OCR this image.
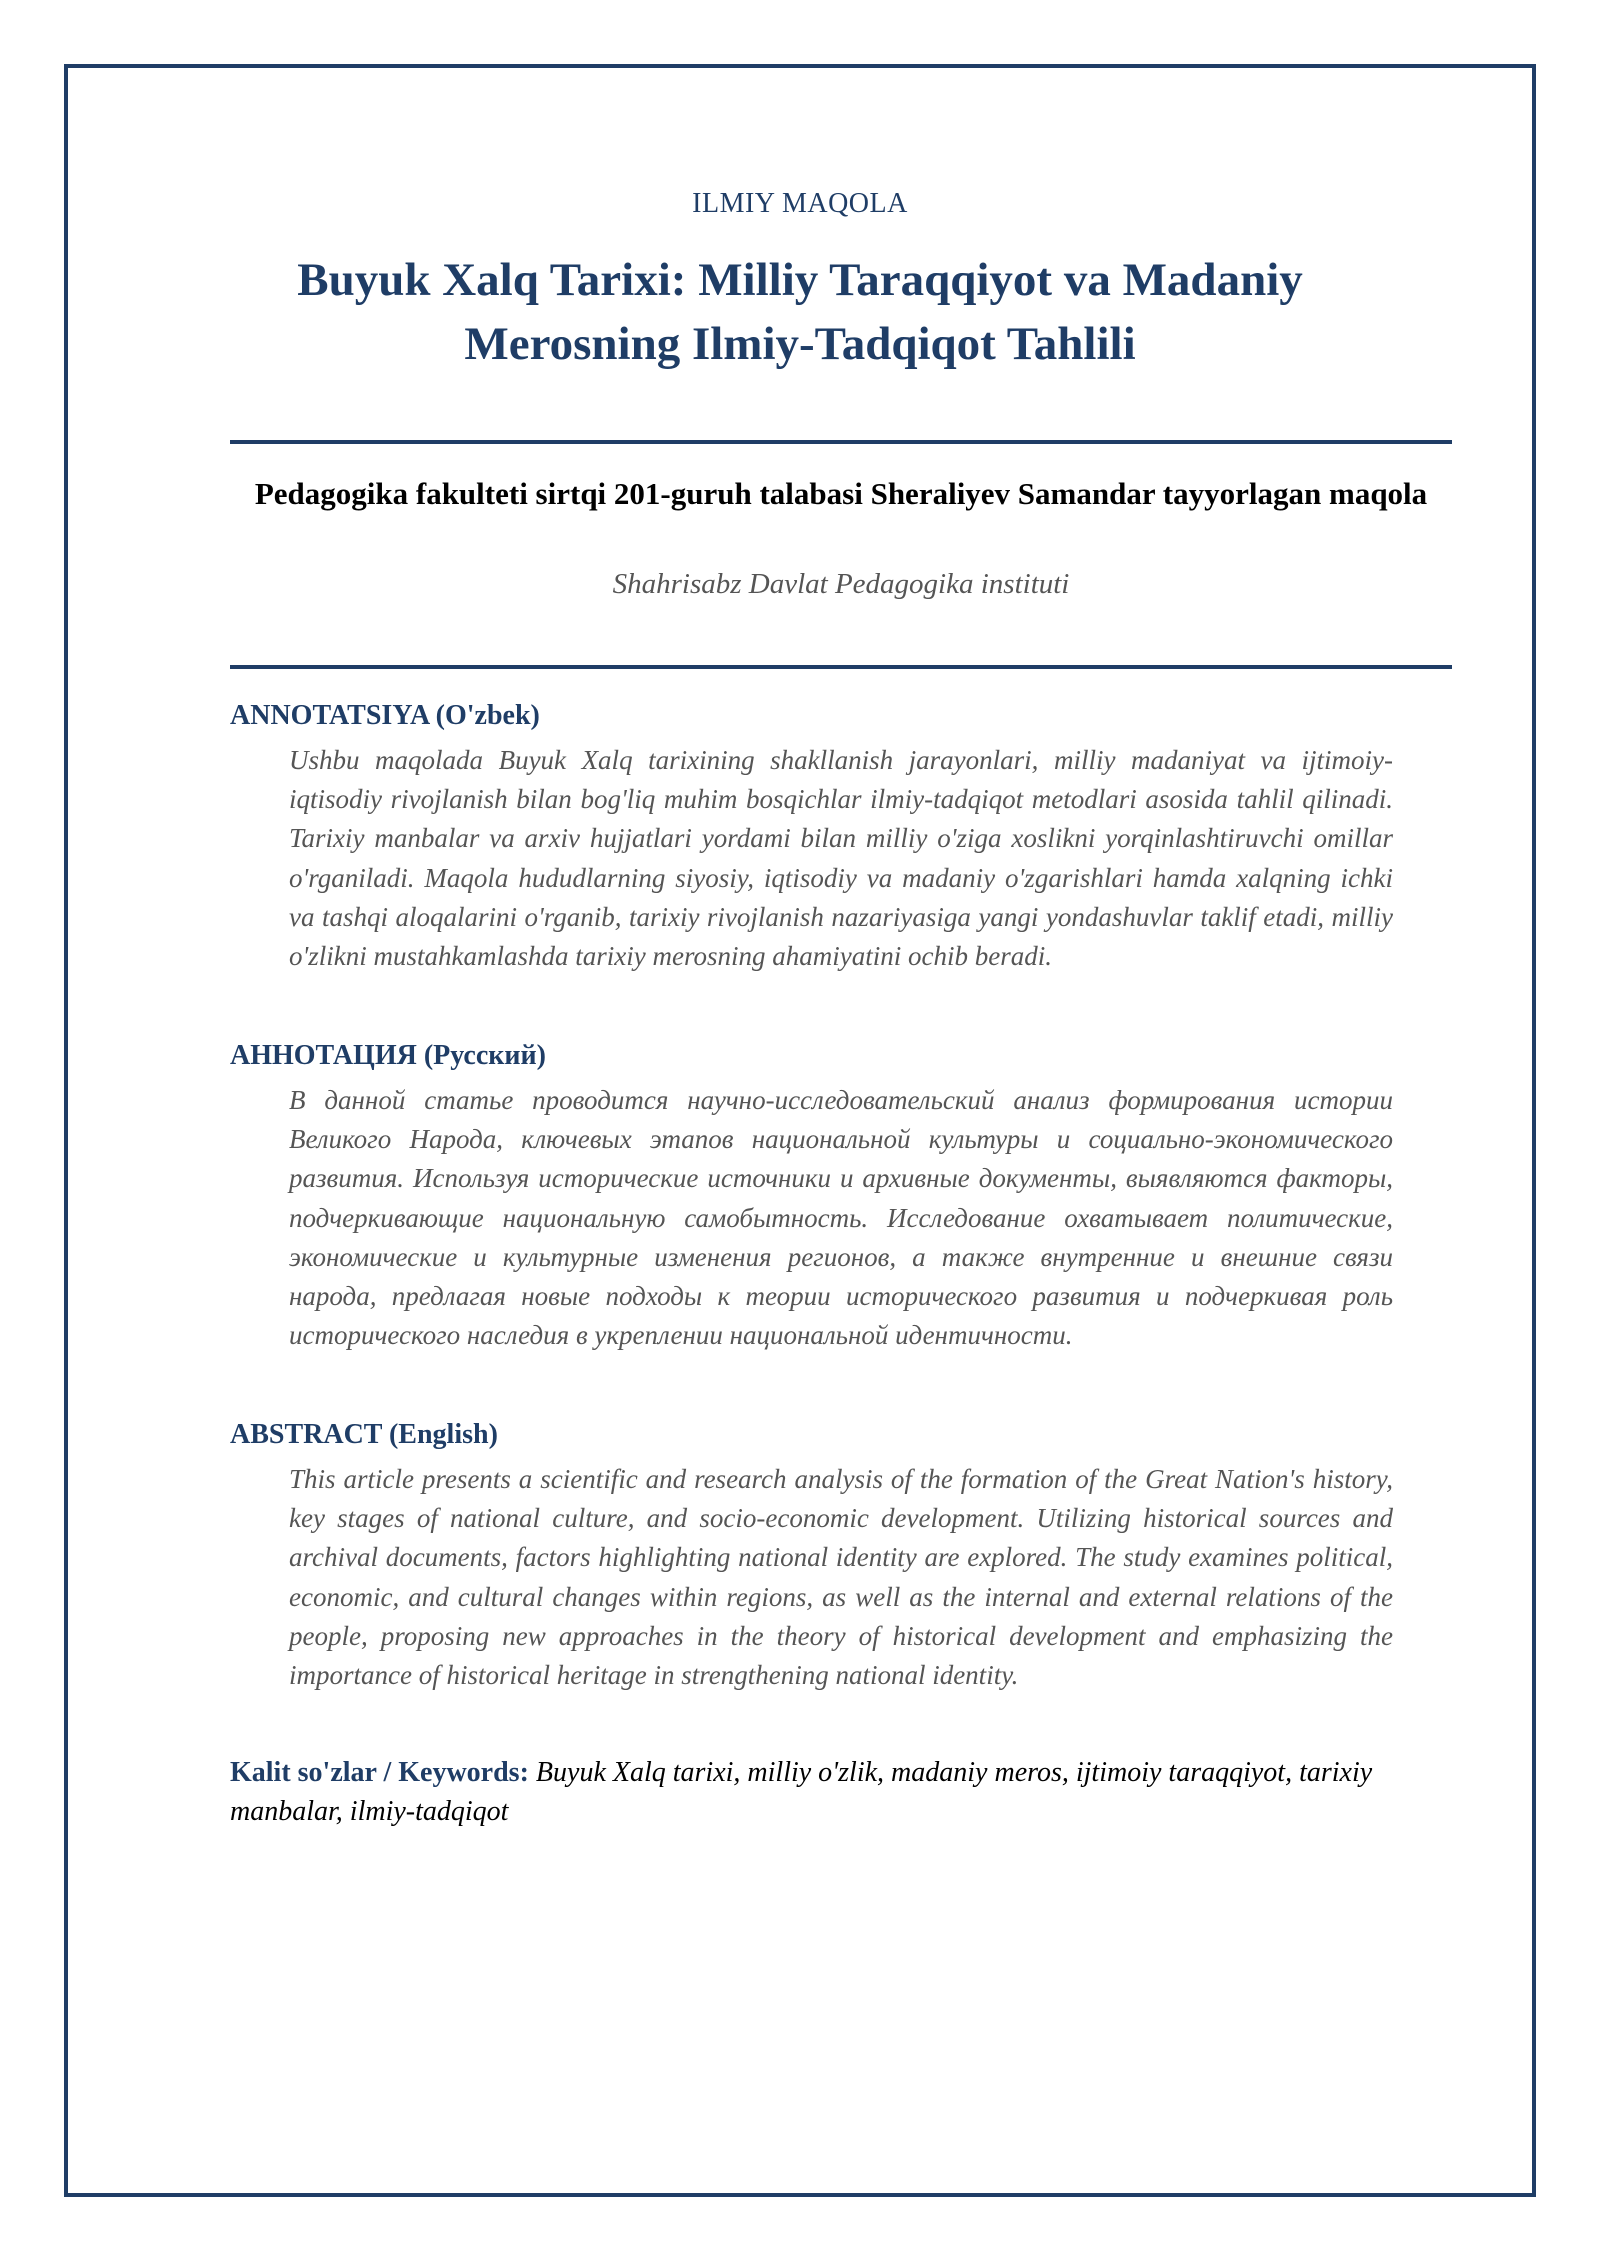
ILMIY MAQOLA
Buyuk Xalq Tarixi: Milliy Taraqqiyot va Madaniy Merosning Ilmiy-Tadqiqot Tahlili
Pedagogika fakulteti sirtqi 201-guruh talabasi Sheraliyev Samandar tayyorlagan maqola
Shahrisabz Davlat Pedagogika instituti
ANNOTATSIYA (O'zbek)
Ushbu maqolada Buyuk Xalq tarixining shakllanish jarayonlari, milliy madaniyat va ijtimoiy-iqtisodiy rivojlanish bilan bog'liq muhim bosqichlar ilmiy-tadqiqot metodlari asosida tahlil qilinadi. Tarixiy manbalar va arxiv hujjatlari yordami bilan milliy o'ziga xoslikni yorqinlashtiruvchi omillar o'rganiladi. Maqola hududlarning siyosiy, iqtisodiy va madaniy o'zgarishlari hamda xalqning ichki va tashqi aloqalarini o'rganib, tarixiy rivojlanish nazariyasiga yangi yondashuvlar taklif etadi, milliy o'zlikni mustahkamlashda tarixiy merosning ahamiyatini ochib beradi.
АННОТАЦИЯ (Русский)
В данной статье проводится научно-исследовательский анализ формирования истории Великого Народа, ключевых этапов национальной культуры и социально-экономического развития. Используя исторические источники и архивные документы, выявляются факторы, подчеркивающие национальную самобытность. Исследование охватывает политические, экономические и культурные изменения регионов, а также внутренние и внешние связи народа, предлагая новые подходы к теории исторического развития и подчеркивая роль исторического наследия в укреплении национальной идентичности.
ABSTRACT (English)
This article presents a scientific and research analysis of the formation of the Great Nation's history, key stages of national culture, and socio-economic development. Utilizing historical sources and archival documents, factors highlighting national identity are explored. The study examines political, economic, and cultural changes within regions, as well as the internal and external relations of the people, proposing new approaches in the theory of historical development and emphasizing the importance of historical heritage in strengthening national identity.
Kalit so'zlar / Keywords: Buyuk Xalq tarixi, milliy o'zlik, madaniy meros, ijtimoiy taraqqiyot, tarixiy manbalar, ilmiy-tadqiqot
